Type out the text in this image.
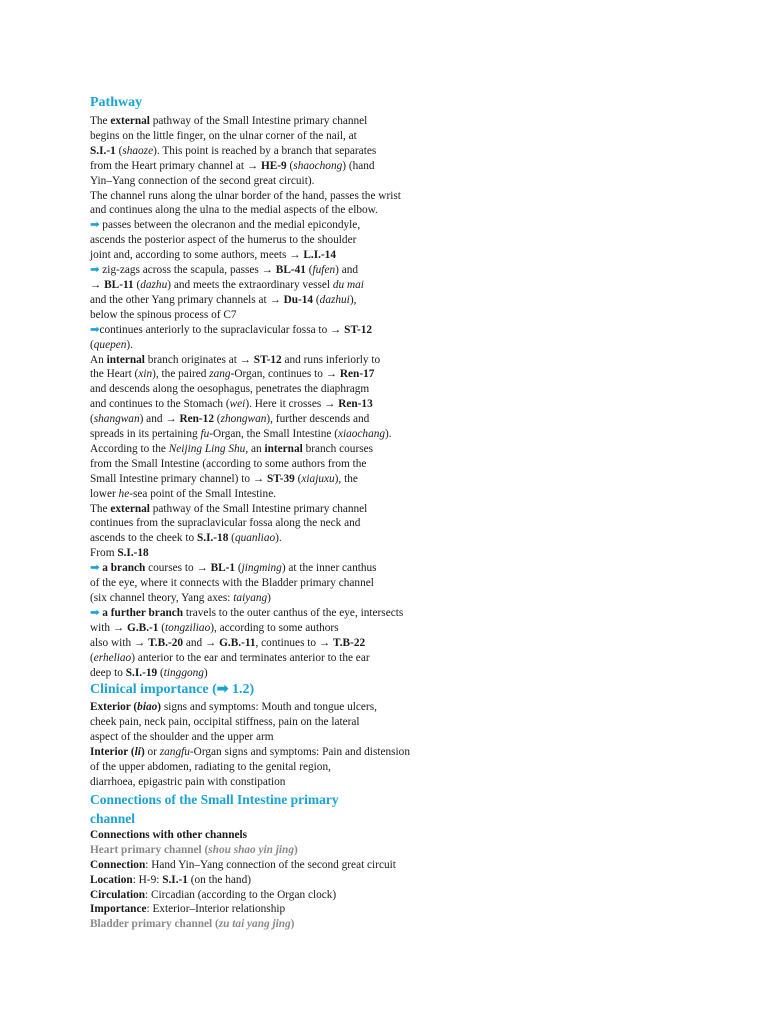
Pathway
The external pathway of the Small Intestine primary channel
begins on the little finger, on the ulnar corner of the nail, at
S.I.-1 (shaoze). This point is reached by a branch that separates
from the Heart primary channel at → HE-9 (shaochong) (hand
Yin–Yang connection of the second great circuit).
The channel runs along the ulnar border of the hand, passes the wrist
and continues along the ulna to the medial aspects of the elbow.
➡ passes between the olecranon and the medial epicondyle,
ascends the posterior aspect of the humerus to the shoulder
joint and, according to some authors, meets → L.I.-14
➡ zig-zags across the scapula, passes → BL-41 (fufen) and
→ BL-11 (dazhu) and meets the extraordinary vessel du mai
and the other Yang primary channels at → Du-14 (dazhui),
below the spinous process of C7
➡continues anteriorly to the supraclavicular fossa to → ST-12
(quepen).
An internal branch originates at → ST-12 and runs inferiorly to
the Heart (xin), the paired zang-Organ, continues to → Ren-17
and descends along the oesophagus, penetrates the diaphragm
and continues to the Stomach (wei). Here it crosses → Ren-13
(shangwan) and → Ren-12 (zhongwan), further descends and
spreads in its pertaining fu-Organ, the Small Intestine (xiaochang).
According to the Neijing Ling Shu, an internal branch courses
from the Small Intestine (according to some authors from the
Small Intestine primary channel) to → ST-39 (xiajuxu), the
lower he-sea point of the Small Intestine.
The external pathway of the Small Intestine primary channel
continues from the supraclavicular fossa along the neck and
ascends to the cheek to S.I.-18 (quanliao).
From S.I.-18
➡ a branch courses to → BL-1 (jingming) at the inner canthus
of the eye, where it connects with the Bladder primary channel
(six channel theory, Yang axes: taiyang)
➡ a further branch travels to the outer canthus of the eye, intersects
with → G.B.-1 (tongziliao), according to some authors
also with → T.B.-20 and → G.B.-11, continues to → T.B-22
(erheliao) anterior to the ear and terminates anterior to the ear
deep to S.I.-19 (tinggong)
Clinical importance (➡ 1.2)
Exterior (biao) signs and symptoms: Mouth and tongue ulcers,
cheek pain, neck pain, occipital stiffness, pain on the lateral
aspect of the shoulder and the upper arm
Interior (li) or zangfu-Organ signs and symptoms: Pain and distension
of the upper abdomen, radiating to the genital region,
diarrhoea, epigastric pain with constipation
Connections of the Small Intestine primary
channel
Connections with other channels
Heart primary channel (shou shao yin jing)
Connection: Hand Yin–Yang connection of the second great circuit
Location: H-9: S.I.-1 (on the hand)
Circulation: Circadian (according to the Organ clock)
Importance: Exterior–Interior relationship
Bladder primary channel (zu tai yang jing)
